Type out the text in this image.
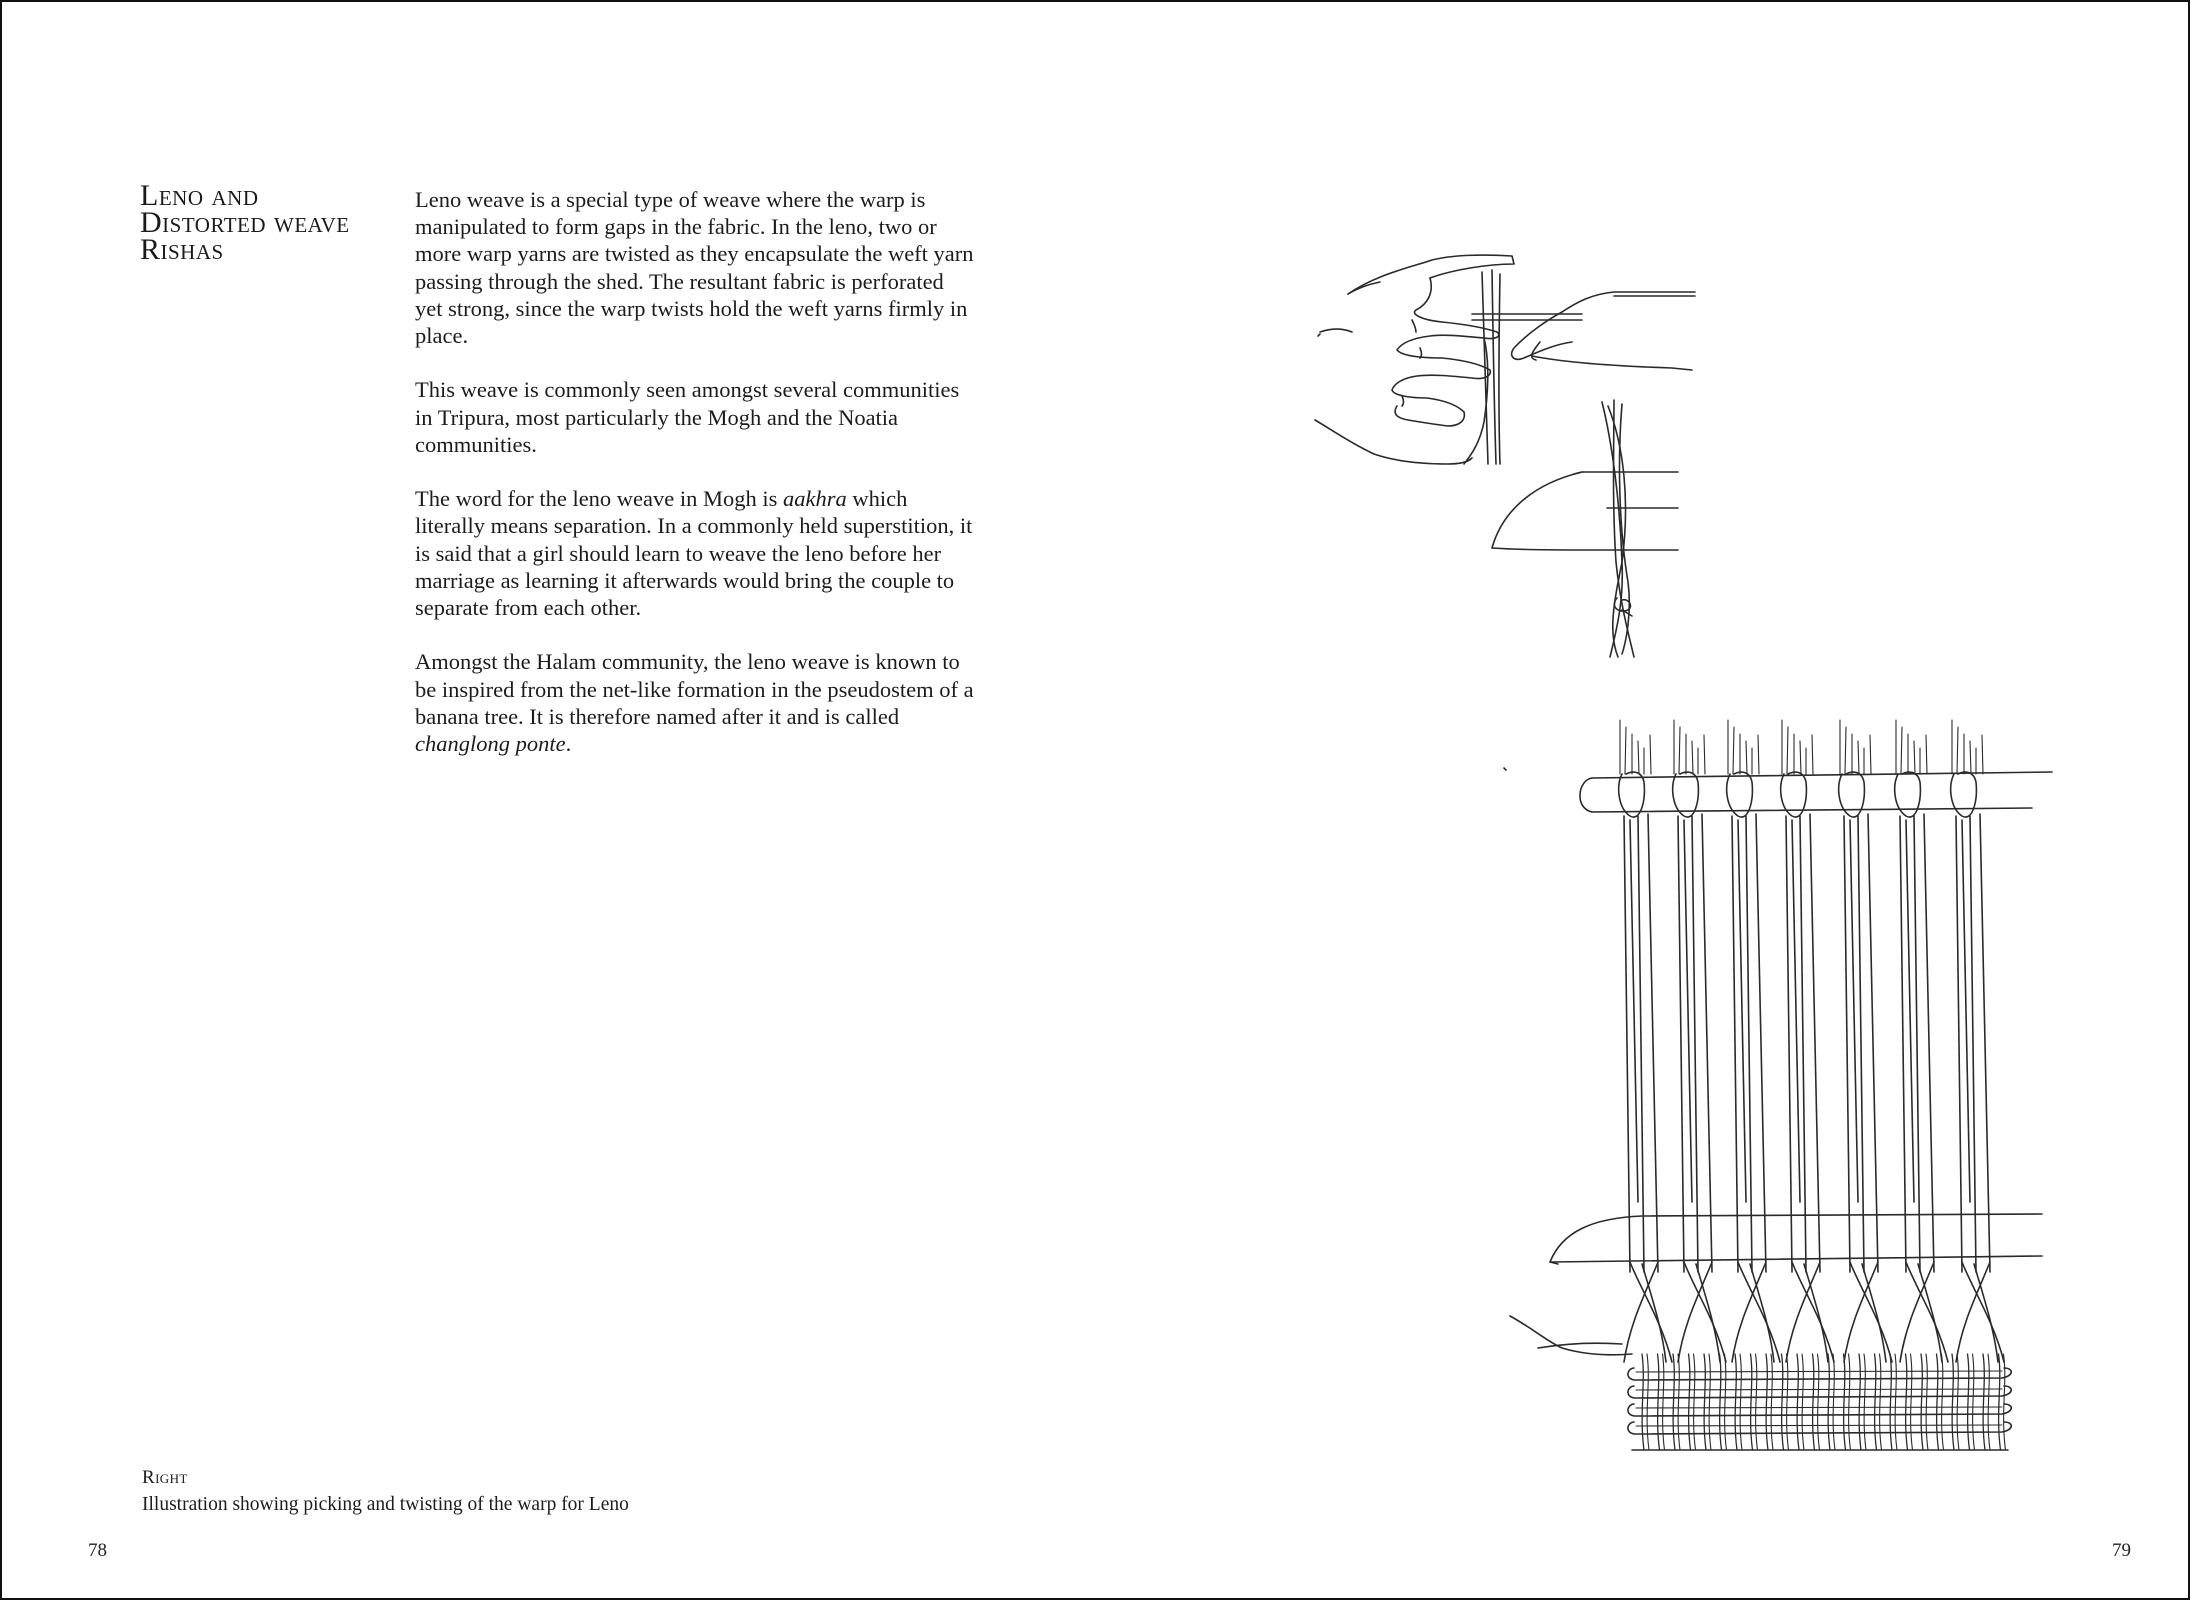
Leno and
Distorted weave
Rishas

Leno weave is a special type of weave where the warp is manipulated to form gaps in the fabric. In the leno, two or more warp yarns are twisted as they encapsulate the weft yarn passing through the shed. The resultant fabric is perforated yet strong, since the warp twists hold the weft yarns firmly in place.

This weave is commonly seen amongst several communities in Tripura, most particularly the Mogh and the Noatia communities.

The word for the leno weave in Mogh is aakhra which literally means separation. In a commonly held superstition, it is said that a girl should learn to weave the leno before her marriage as learning it afterwards would bring the couple to separate from each other.

Amongst the Halam community, the leno weave is known to be inspired from the net-like formation in the pseudostem of a banana tree. It is therefore named after it and is called changlong ponte.

Right
Illustration showing picking and twisting of the warp for Leno
78	79
